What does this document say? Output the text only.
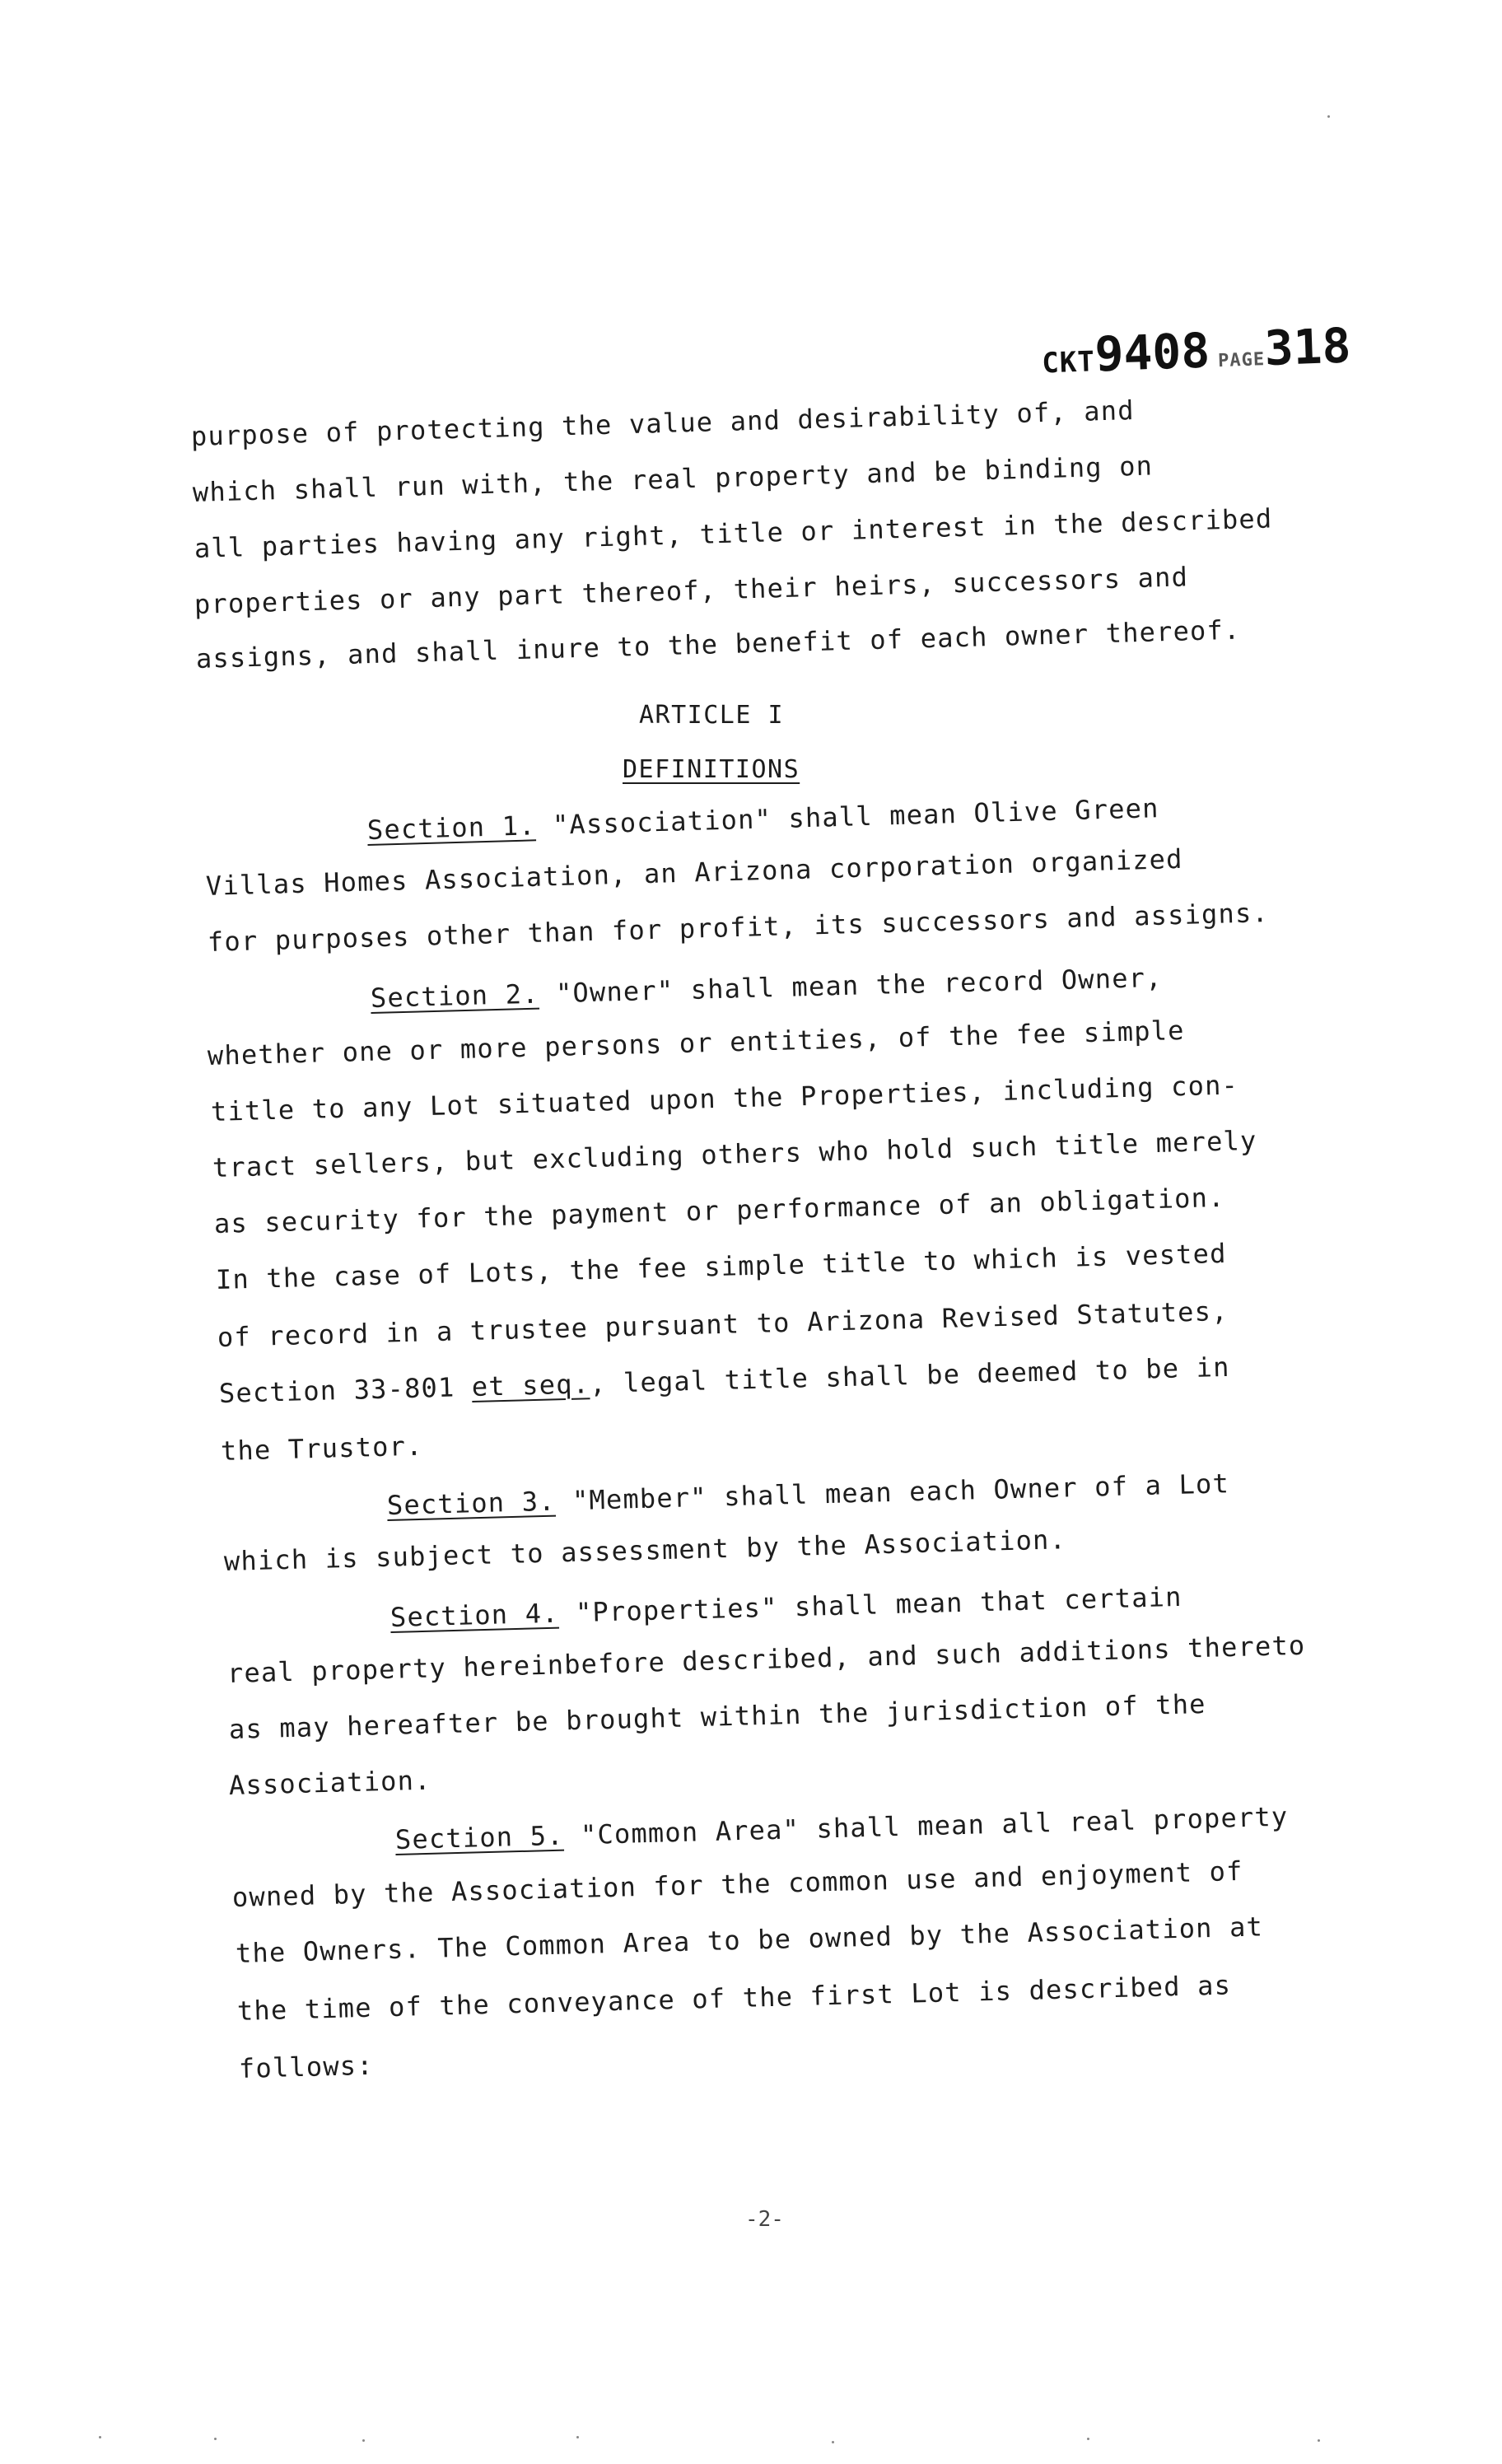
CKT9408 PAGE318
purpose of protecting the value and desirability of, and
which shall run with, the real property and be binding on
all parties having any right, title or interest in the described
properties or any part thereof, their heirs, successors and
assigns, and shall inure to the benefit of each owner thereof.
ARTICLE I
DEFINITIONS
Section 1. "Association" shall mean Olive Green
Villas Homes Association, an Arizona corporation organized
for purposes other than for profit, its successors and assigns.
Section 2. "Owner" shall mean the record Owner,
whether one or more persons or entities, of the fee simple
title to any Lot situated upon the Properties, including con-
tract sellers, but excluding others who hold such title merely
as security for the payment or performance of an obligation.
In the case of Lots, the fee simple title to which is vested
of record in a trustee pursuant to Arizona Revised Statutes,
Section 33-801 et seq., legal title shall be deemed to be in
the Trustor.
Section 3. "Member" shall mean each Owner of a Lot
which is subject to assessment by the Association.
Section 4. "Properties" shall mean that certain
real property hereinbefore described, and such additions thereto
as may hereafter be brought within the jurisdiction of the
Association.
Section 5. "Common Area" shall mean all real property
owned by the Association for the common use and enjoyment of
the Owners. The Common Area to be owned by the Association at
the time of the conveyance of the first Lot is described as
follows:
-2-
